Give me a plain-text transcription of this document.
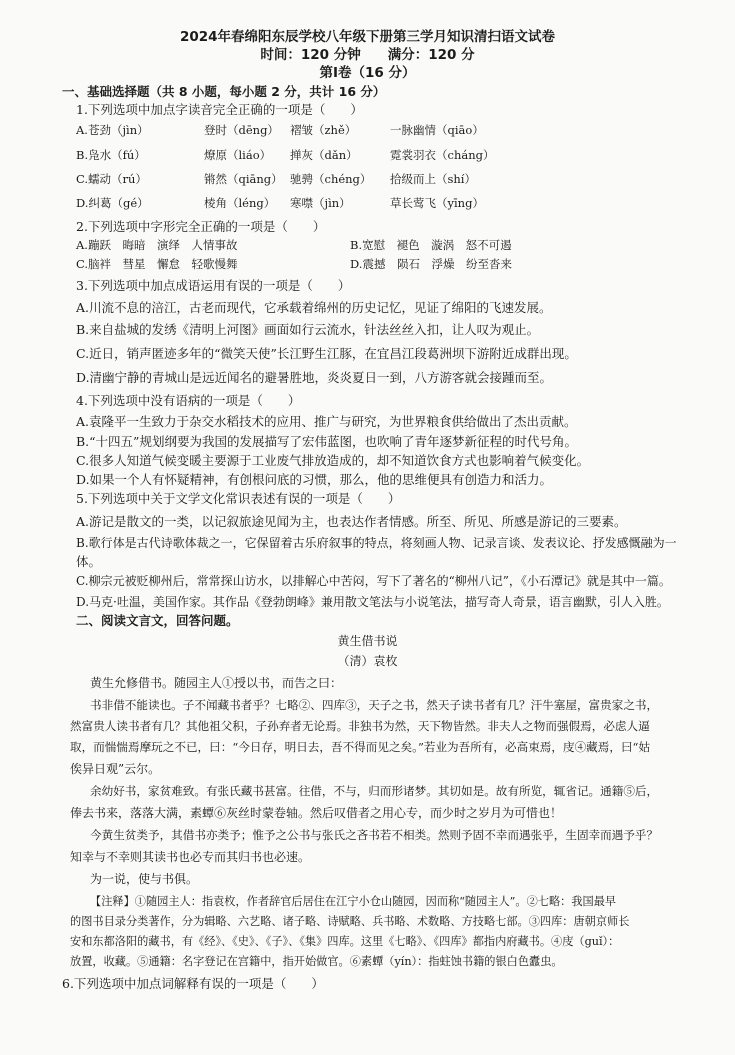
2024年春绵阳东辰学校八年级下册第三学月知识清扫语文试卷
时间：120 分钟　　满分：120 分
第Ⅰ卷（16 分）
一、基础选择题（共 8 小题，每小题 2 分，共计 16 分）
1.下列选项中加点字读音完全正确的一项是（　　）
A.苍劲（jìn）	登时（dēng） 褶皱（zhě）	一脉幽情（qiāo）
B.凫水（fú）	燎原（liáo） 掸灰（dǎn）	霓裳羽衣（cháng）
C.蠕动（rú）	锵然（qiāng） 驰骋（chéng） 拾级而上（shí）
D.纠葛（gé）	棱角（léng） 寒噤（jìn）	草长莺飞（yīng）
2.下列选项中字形完全正确的一项是（　　）
A.蹦跃　晦暗　演绎　人情事故	B.宽慰　褪色　漩涡　怒不可遏
C.脑袢　彗星　懈怠　轻歌慢舞	D.震撼　陨石　浮燥　纷至沓来
3.下列选项中加点成语运用有误的一项是（　　）
A.川流不息的涪江，古老而现代，它承载着绵州的历史记忆，见证了绵阳的飞速发展。
B.来自盐城的发绣《清明上河图》画面如行云流水，针法丝丝入扣，让人叹为观止。
C.近日，销声匿迹多年的“微笑天使”长江野生江豚，在宜昌江段葛洲坝下游附近成群出现。
D.清幽宁静的青城山是远近闻名的避暑胜地，炎炎夏日一到，八方游客就会接踵而至。
4.下列选项中没有语病的一项是（　　）
A.袁隆平一生致力于杂交水稻技术的应用、推广与研究，为世界粮食供给做出了杰出贡献。
B.“十四五”规划纲要为我国的发展描写了宏伟蓝图，也吹响了青年逐梦新征程的时代号角。
C.很多人知道气候变暖主要源于工业废气排放造成的，却不知道饮食方式也影响着气候变化。
D.如果一个人有怀疑精神，有创根问底的习惯，那么，他的思维便具有创造力和活力。
5.下列选项中关于文学文化常识表述有误的一项是（　　）
A.游记是散文的一类，以记叙旅途见闻为主，也表达作者情感。所至、所见、所感是游记的三要素。
B.歌行体是古代诗歌体裁之一，它保留着古乐府叙事的特点，将刻画人物、记录言谈、发表议论、抒发感慨融为一
体。
C.柳宗元被贬柳州后，常常探山访水，以排解心中苦闷，写下了著名的“柳州八记”，《小石潭记》就是其中一篇。
D.马克·吐温，美国作家。其作品《登勃朗峰》兼用散文笔法与小说笔法，描写奇人奇景，语言幽默，引人入胜。
二、阅读文言文，回答问题。
黄生借书说
（清）袁枚
黄生允修借书。随园主人①授以书，而告之曰：
书非借不能读也。子不闻藏书者乎？七略②、四库③，天子之书，然天子读书者有几？汗牛塞屋，富贵家之书，
然富贵人读书者有几？其他祖父积，子孙弃者无论焉。非独书为然，天下物皆然。非夫人之物而强假焉，必虑人逼
取，而惴惴焉摩玩之不已，曰：“今日存，明日去，吾不得而见之矣。”若业为吾所有，必高束焉，庋④藏焉，曰“姑
俟异日观”云尔。
余幼好书，家贫难致。有张氏藏书甚富。往借，不与，归而形诸梦。其切如是。故有所览，辄省记。通籍⑤后，
俸去书来，落落大满，素蟫⑥灰丝时蒙卷轴。然后叹借者之用心专，而少时之岁月为可惜也！
今黄生贫类予，其借书亦类予；惟予之公书与张氏之吝书若不相类。然则予固不幸而遇张乎，生固幸而遇予乎？
知幸与不幸则其读书也必专而其归书也必速。
为一说，使与书俱。
【注释】①随园主人：指袁枚，作者辞官后居住在江宁小仓山随园，因而称“随园主人”。②七略：我国最早
的图书目录分类著作，分为辑略、六艺略、诸子略、诗赋略、兵书略、术数略、方技略七部。③四库：唐朝京师长
安和东都洛阳的藏书，有《经》、《史》、《子》、《集》四库。这里《七略》、《四库》都指内府藏书。④庋（guǐ）：
放置，收藏。⑤通籍：名字登记在宫籍中，指开始做官。⑥素蟫（yín）：指蛀蚀书籍的银白色蠹虫。
6.下列选项中加点词解释有误的一项是（　　）
